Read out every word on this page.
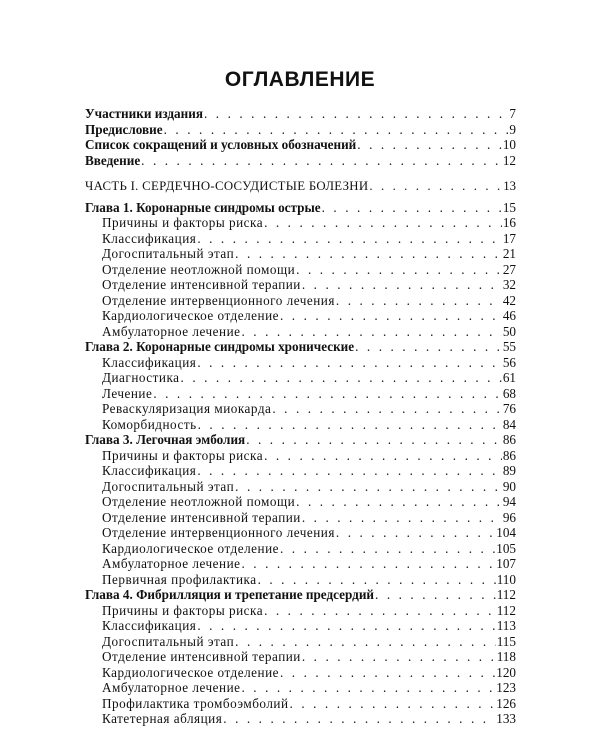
ОГЛАВЛЕНИЕ
Участники издания . . .	7
Предисловие . . .	9
Список сокращений и условных обозначений . . .	10
Введение . . .	12
ЧАСТЬ I. СЕРДЕЧНО-СОСУДИСТЫЕ БОЛЕЗНИ . . .	13
Глава 1. Коронарные синдромы острые . . .	15
Причины и факторы риска . . .	16
Классификация . . .	17
Догоспитальный этап . . .	21
Отделение неотложной помощи . . .	27
Отделение интенсивной терапии . . .	32
Отделение интервенционного лечения . . .	42
Кардиологическое отделение . . .	46
Амбулаторное лечение . . .	50
Глава 2. Коронарные синдромы хронические . . .	55
Классификация . . .	56
Диагностика . . .	61
Лечение . . .	68
Реваскуляризация миокарда . . .	76
Коморбидность . . .	84
Глава 3. Легочная эмболия . . .	86
Причины и факторы риска . . .	86
Классификация . . .	89
Догоспитальный этап . . .	90
Отделение неотложной помощи . . .	94
Отделение интенсивной терапии . . .	96
Отделение интервенционного лечения . . .	104
Кардиологическое отделение . . .	105
Амбулаторное лечение . . .	107
Первичная профилактика . . .	110
Глава 4. Фибрилляция и трепетание предсердий . . .	112
Причины и факторы риска . . .	112
Классификация . . .	113
Догоспитальный этап . . .	115
Отделение интенсивной терапии . . .	118
Кардиологическое отделение . . .	120
Амбулаторное лечение . . .	123
Профилактика тромбоэмболий . . .	126
Катетерная абляция . . .	133
